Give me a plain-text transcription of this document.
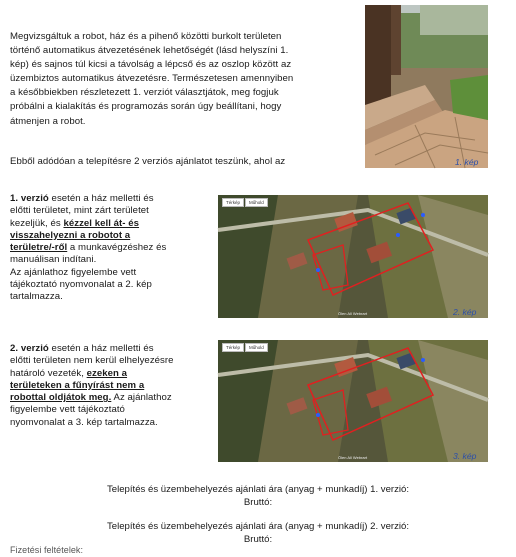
Megvizsgáltuk a robot, ház és a pihenő közötti burkolt területen
történő automatikus átvezetésének lehetőségét (lásd helyszíni 1.
kép) és sajnos túl kicsi a távolság a lépcső és az oszlop között az
üzembiztos automatikus átvezetésre. Természetesen amennyiben
a későbbiekben részletezett 1. verziót választjátok, meg fogjuk
próbálni a kialakítás és programozás során úgy beállítani, hogy
átmenjen a robot.
1. kép
Ebből adódóan a telepítésre 2 verziós ajánlatot teszünk, ahol az
1. verzió esetén a ház melletti és
előtti területet, mint zárt területet
kezeljük, és kézzel kell át- és
visszahelyezni a robotot a
területre/-ről a munkavégzéshez és
manuálisan indítani.
Az ajánlathoz figyelembe vett
tájékoztató nyomvonalat a 2. kép
tartalmazza.
Térkép	Műhold
Ölen All Webrart	2. kép
2. verzió esetén a ház melletti és
előtti területen nem kerül elhelyezésre
határoló vezeték, ezeken a
területeken a fűnyírást nem a
robottal oldjátok meg. Az ajánlathoz
figyelembe vett tájékoztató
nyomvonalat a 3. kép tartalmazza.
Térkép	Műhold
Ölen All Webrart	3. kép
Telepítés és üzembehelyezés ajánlati ára (anyag + munkadíj) 1. verzió:
Bruttó:
Telepítés és üzembehelyezés ajánlati ára (anyag + munkadíj) 2. verzió:
Bruttó:
Fizetési feltételek:
